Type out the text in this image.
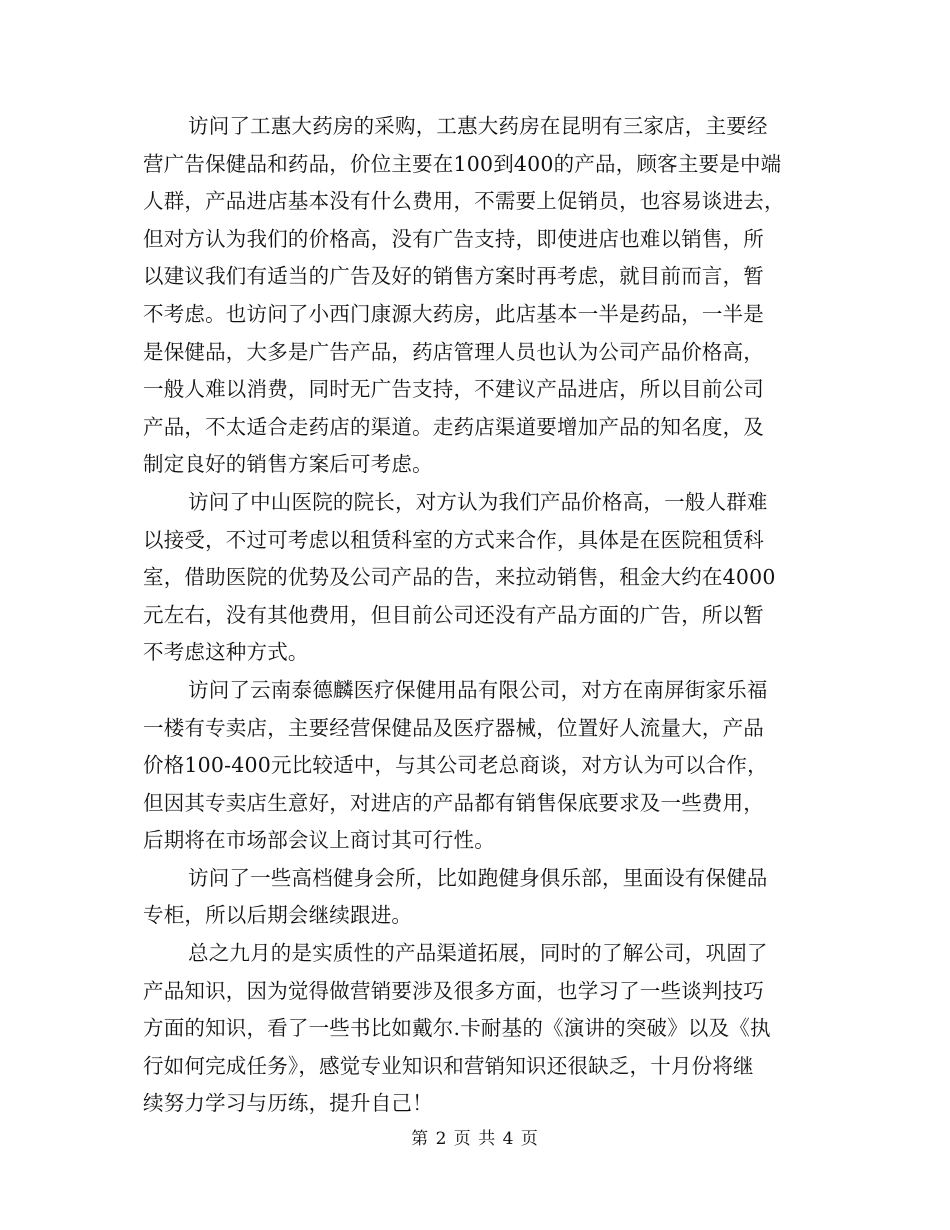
访问了工惠大药房的采购，工惠大药房在昆明有三家店，主要经
营广告保健品和药品，价位主要在100到400的产品，顾客主要是中端
人群，产品进店基本没有什么费用，不需要上促销员，也容易谈进去，
但对方认为我们的价格高，没有广告支持，即使进店也难以销售，所
以建议我们有适当的广告及好的销售方案时再考虑，就目前而言，暂
不考虑。也访问了小西门康源大药房，此店基本一半是药品，一半是
是保健品，大多是广告产品，药店管理人员也认为公司产品价格高，
一般人难以消费，同时无广告支持，不建议产品进店，所以目前公司
产品，不太适合走药店的渠道。走药店渠道要增加产品的知名度，及
制定良好的销售方案后可考虑。
访问了中山医院的院长，对方认为我们产品价格高，一般人群难
以接受，不过可考虑以租赁科室的方式来合作，具体是在医院租赁科
室，借助医院的优势及公司产品的告，来拉动销售，租金大约在4000
元左右，没有其他费用，但目前公司还没有产品方面的广告，所以暂
不考虑这种方式。
访问了云南泰德麟医疗保健用品有限公司，对方在南屏街家乐福
一楼有专卖店，主要经营保健品及医疗器械，位置好人流量大，产品
价格100-400元比较适中，与其公司老总商谈，对方认为可以合作，
但因其专卖店生意好，对进店的产品都有销售保底要求及一些费用，
后期将在市场部会议上商讨其可行性。
访问了一些高档健身会所，比如跑健身俱乐部，里面设有保健品
专柜，所以后期会继续跟进。
总之九月的是实质性的产品渠道拓展，同时的了解公司，巩固了
产品知识，因为觉得做营销要涉及很多方面，也学习了一些谈判技巧
方面的知识，看了一些书比如戴尔.卡耐基的《演讲的突破》以及《执
行如何完成任务》，感觉专业知识和营销知识还很缺乏，十月份将继
续努力学习与历练，提升自己！
第 2 页 共 4 页
